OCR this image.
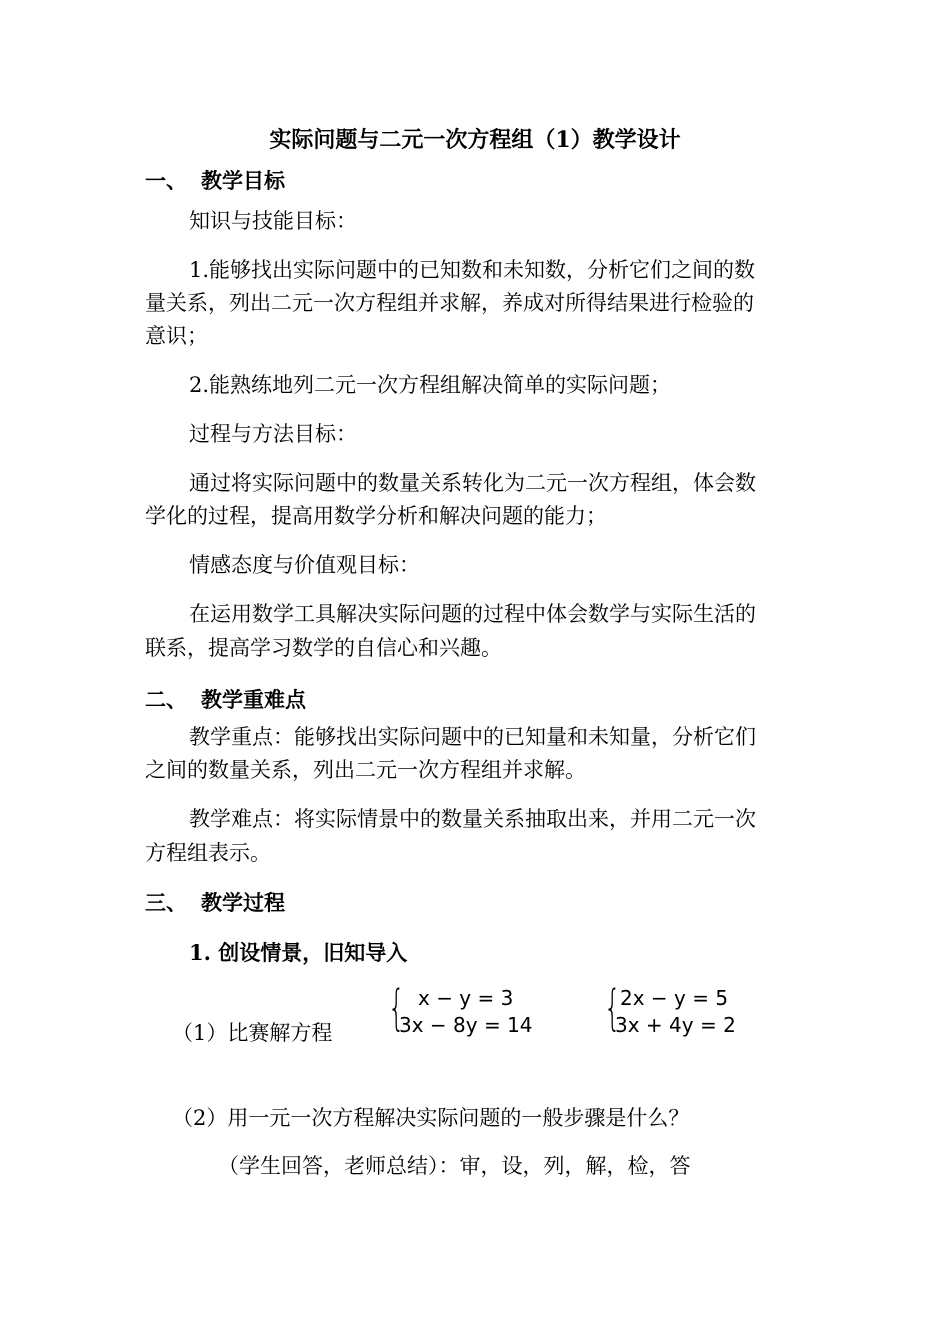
实际问题与二元一次方程组（1）教学设计
一、 教学目标
知识与技能目标：
1.能够找出实际问题中的已知数和未知数，分析它们之间的数
量关系，列出二元一次方程组并求解，养成对所得结果进行检验的
意识；
2.能熟练地列二元一次方程组解决简单的实际问题；
过程与方法目标：
通过将实际问题中的数量关系转化为二元一次方程组，体会数
学化的过程，提高用数学分析和解决问题的能力；
情感态度与价值观目标：
在运用数学工具解决实际问题的过程中体会数学与实际生活的
联系，提高学习数学的自信心和兴趣。
二、 教学重难点
教学重点：能够找出实际问题中的已知量和未知量，分析它们
之间的数量关系，列出二元一次方程组并求解。
教学难点：将实际情景中的数量关系抽取出来，并用二元一次
方程组表示。
三、 教学过程
1. 创设情景，旧知导入
（1）比赛解方程 { x − y = 3
3x − 8y = 14 { 2x − y = 5
3x + 4y = 2
（2）用一元一次方程解决实际问题的一般步骤是什么？
（学生回答，老师总结）：审，设，列，解，检，答
